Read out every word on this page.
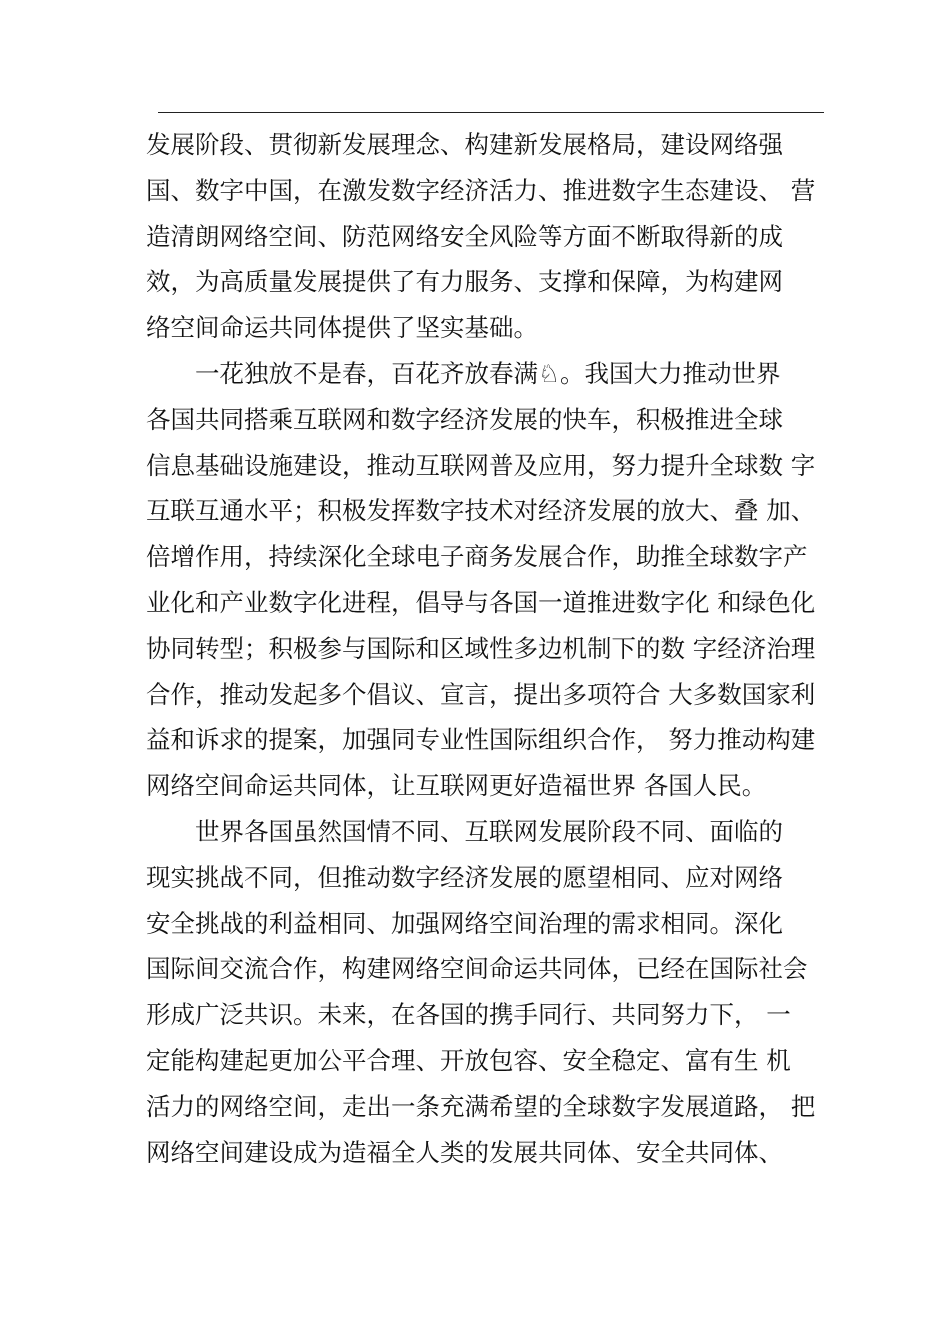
发展阶段、贯彻新发展理念、构建新发展格局，建设网络强
国、数字中国，在激发数字经济活力、推进数字生态建设、 营
造清朗网络空间、防范网络安全风险等方面不断取得新的成
效，为高质量发展提供了有力服务、支撑和保障，为构建网
络空间命运共同体提供了坚实基础。
一花独放不是春，百花齐放春满♘。我国大力推动世界
各国共同搭乘互联网和数字经济发展的快车，积极推进全球
信息基础设施建设，推动互联网普及应用，努力提升全球数 字
互联互通水平；积极发挥数字技术对经济发展的放大、叠 加、
倍增作用，持续深化全球电子商务发展合作，助推全球数字产
业化和产业数字化进程，倡导与各国一道推进数字化 和绿色化
协同转型；积极参与国际和区域性多边机制下的数 字经济治理
合作，推动发起多个倡议、宣言，提出多项符合 大多数国家利
益和诉求的提案，加强同专业性国际组织合作， 努力推动构建
网络空间命运共同体，让互联网更好造福世界 各国人民。
世界各国虽然国情不同、互联网发展阶段不同、面临的
现实挑战不同，但推动数字经济发展的愿望相同、应对网络
安全挑战的利益相同、加强网络空间治理的需求相同。深化
国际间交流合作，构建网络空间命运共同体，已经在国际社会
形成广泛共识。未来，在各国的携手同行、共同努力下， 一
定能构建起更加公平合理、开放包容、安全稳定、富有生 机
活力的网络空间，走出一条充满希望的全球数字发展道路， 把
网络空间建设成为造福全人类的发展共同体、安全共同体、
